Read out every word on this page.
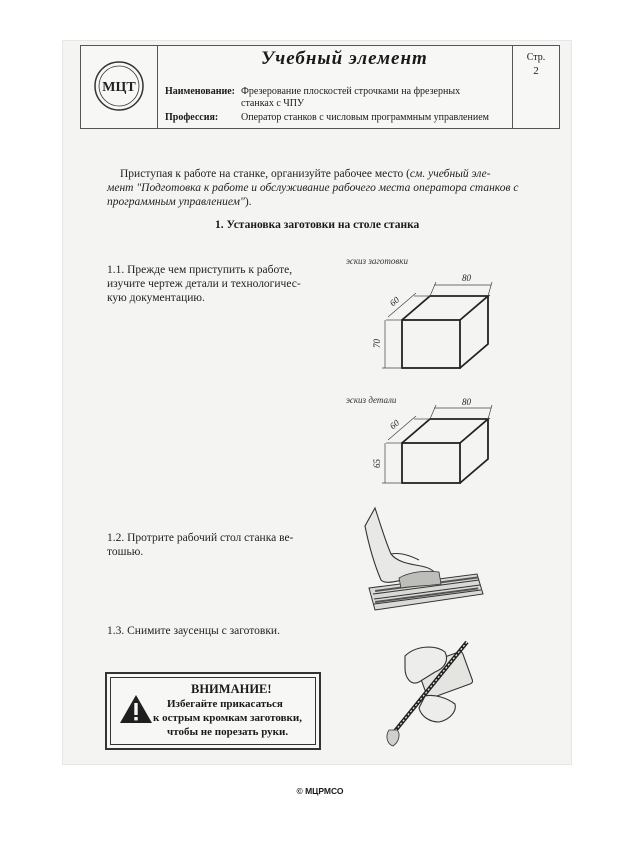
МЦТ
Учебный элемент
Наименование: Фрезерование плоскостей строчками на фрезерных
станках с ЧПУ
Профессия: Оператор станков с числовым программным управлением
Стр.
2
Приступая к работе на станке, организуйте рабочее место (см. учебный эле-
мент "Подготовка к работе и обслуживание рабочего места оператора станков с
программным управлением").
1. Установка заготовки на столе станка
1.1. Прежде чем приступить к работе,
изучите чертеж детали и технологичес-
кую документацию.
эскиз заготовки
80
60
70
эскиз детали	80
60
65
1.2. Протрите рабочий стол станка ве-
тошью.
1.3. Снимите заусенцы с заготовки.
ВНИМАНИЕ!
Избегайте прикасаться
к острым кромкам заготовки,
чтобы не порезать руки.
© МЦРМСО
